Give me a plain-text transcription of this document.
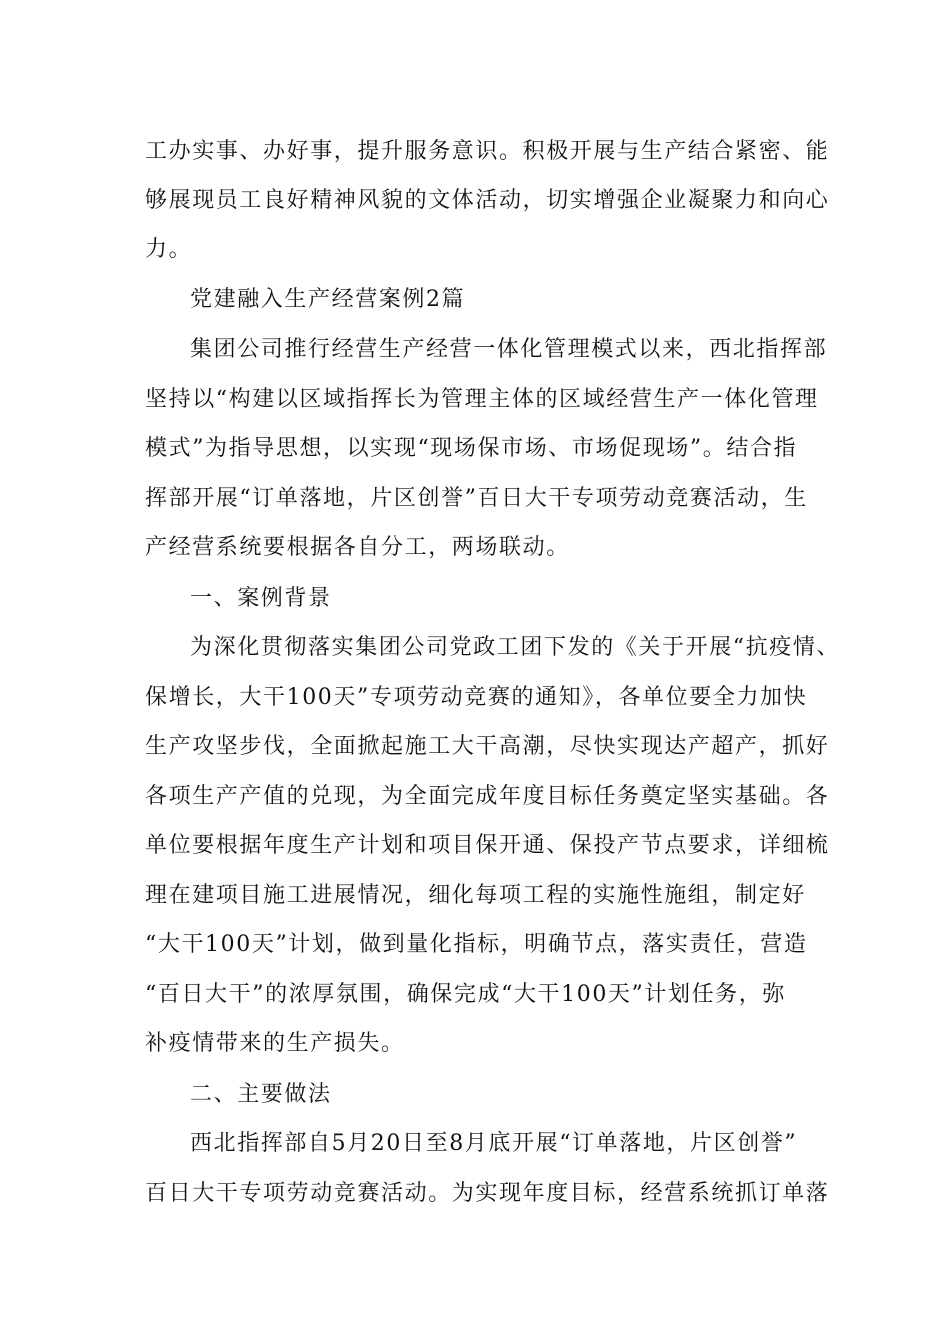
工办实事、办好事，提升服务意识。积极开展与生产结合紧密、能
够展现员工良好精神风貌的文体活动，切实增强企业凝聚力和向心
力。
党建融入生产经营案例2篇
集团公司推行经营生产经营一体化管理模式以来，西北指挥部
坚持以“构建以区域指挥长为管理主体的区域经营生产一体化管理
模式”为指导思想，以实现“现场保市场、市场促现场”。结合指
挥部开展“订单落地，片区创誉”百日大干专项劳动竞赛活动，生
产经营系统要根据各自分工，两场联动。
一、案例背景
为深化贯彻落实集团公司党政工团下发的《关于开展“抗疫情、
保增长，大干100天”专项劳动竞赛的通知》，各单位要全力加快
生产攻坚步伐，全面掀起施工大干高潮，尽快实现达产超产，抓好
各项生产产值的兑现，为全面完成年度目标任务奠定坚实基础。各
单位要根据年度生产计划和项目保开通、保投产节点要求，详细梳
理在建项目施工进展情况，细化每项工程的实施性施组，制定好
“大干100天”计划，做到量化指标，明确节点，落实责任，营造
“百日大干”的浓厚氛围，确保完成“大干100天”计划任务，弥
补疫情带来的生产损失。
二、主要做法
西北指挥部自5月20日至8月底开展“订单落地，片区创誉”
百日大干专项劳动竞赛活动。为实现年度目标，经营系统抓订单落
